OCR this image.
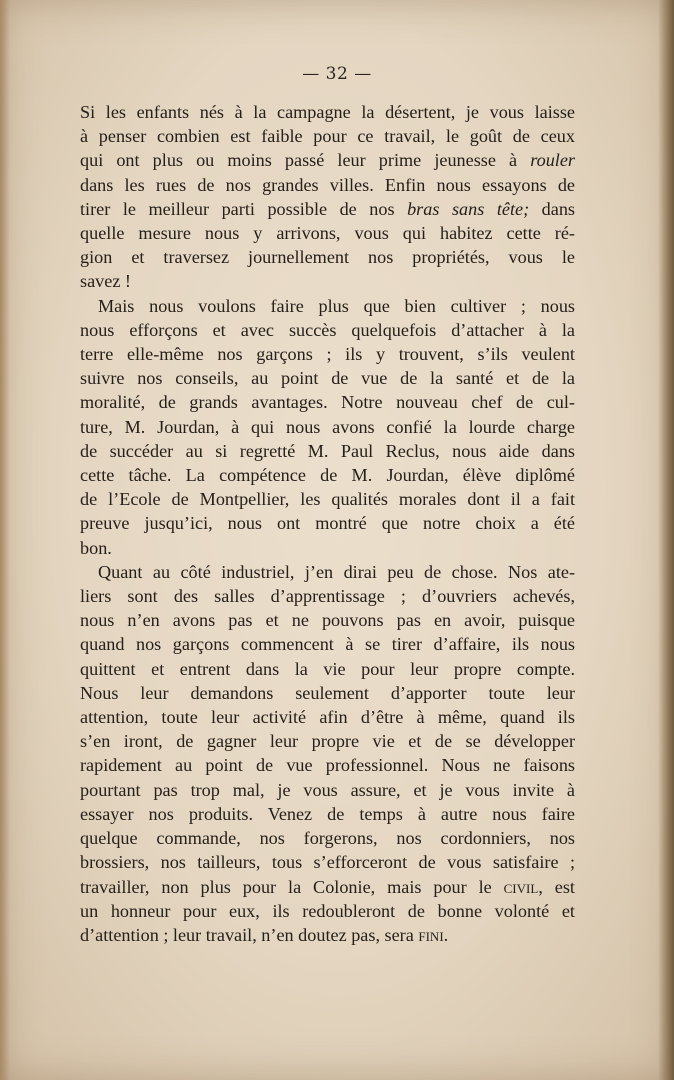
— 32 —
Si les enfants nés à la campagne la désertent, je vous laisse
à penser combien est faible pour ce travail, le goût de ceux
qui ont plus ou moins passé leur prime jeunesse à rouler
dans les rues de nos grandes villes. Enfin nous essayons de
tirer le meilleur parti possible de nos bras sans tête; dans
quelle mesure nous y arrivons, vous qui habitez cette ré-
gion et traversez journellement nos propriétés, vous le
savez !
Mais nous voulons faire plus que bien cultiver ; nous
nous efforçons et avec succès quelquefois d’attacher à la
terre elle-même nos garçons ; ils y trouvent, s’ils veulent
suivre nos conseils, au point de vue de la santé et de la
moralité, de grands avantages. Notre nouveau chef de cul-
ture, M. Jourdan, à qui nous avons confié la lourde charge
de succéder au si regretté M. Paul Reclus, nous aide dans
cette tâche. La compétence de M. Jourdan, élève diplômé
de l’Ecole de Montpellier, les qualités morales dont il a fait
preuve jusqu’ici, nous ont montré que notre choix a été
bon.
Quant au côté industriel, j’en dirai peu de chose. Nos ate-
liers sont des salles d’apprentissage ; d’ouvriers achevés,
nous n’en avons pas et ne pouvons pas en avoir, puisque
quand nos garçons commencent à se tirer d’affaire, ils nous
quittent et entrent dans la vie pour leur propre compte.
Nous leur demandons seulement d’apporter toute leur
attention, toute leur activité afin d’être à même, quand ils
s’en iront, de gagner leur propre vie et de se développer
rapidement au point de vue professionnel. Nous ne faisons
pourtant pas trop mal, je vous assure, et je vous invite à
essayer nos produits. Venez de temps à autre nous faire
quelque commande, nos forgerons, nos cordonniers, nos
brossiers, nos tailleurs, tous s’efforceront de vous satisfaire ;
travailler, non plus pour la Colonie, mais pour le civil, est
un honneur pour eux, ils redoubleront de bonne volonté et
d’attention ; leur travail, n’en doutez pas, sera fini.
